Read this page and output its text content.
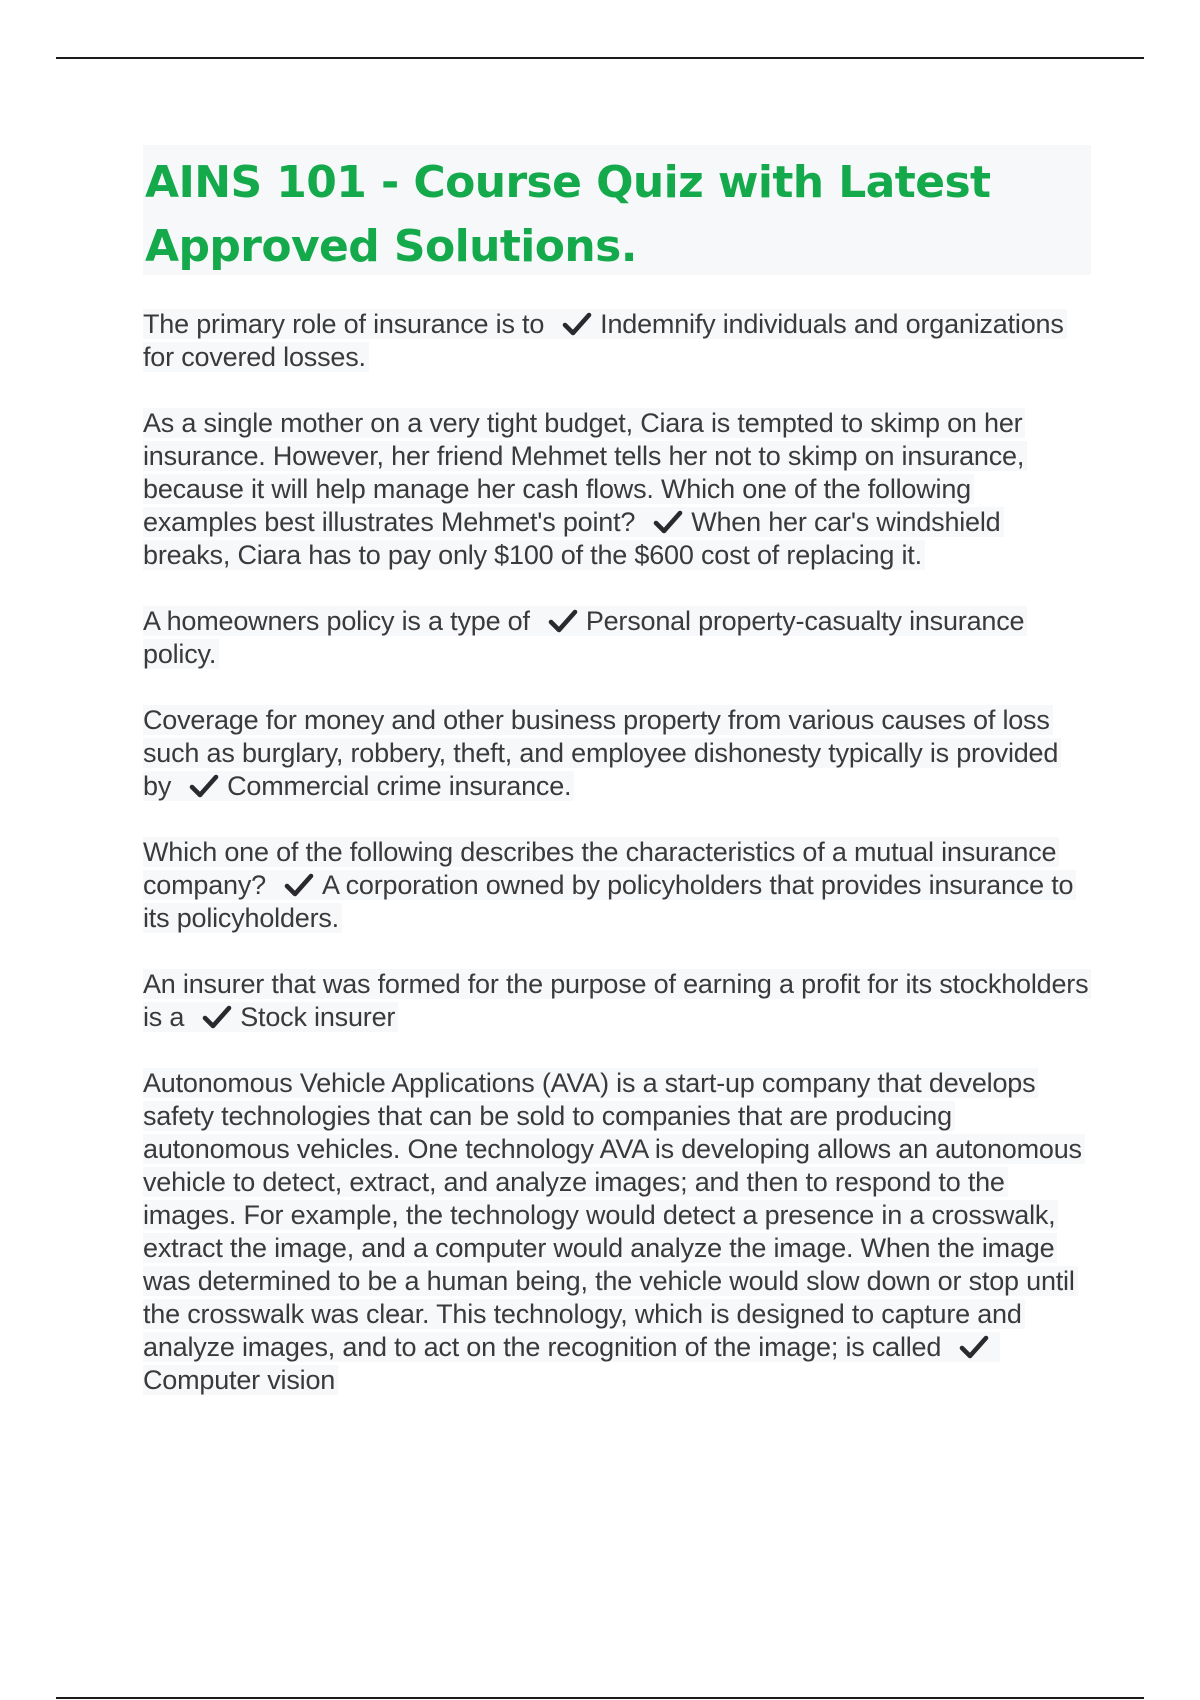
AINS 101 - Course Quiz with Latest Approved Solutions.

The primary role of insurance is to Indemnify individuals and organizations for covered losses.

As a single mother on a very tight budget, Ciara is tempted to skimp on her insurance. However, her friend Mehmet tells her not to skimp on insurance, because it will help manage her cash flows. Which one of the following examples best illustrates Mehmet's point? When her car's windshield breaks, Ciara has to pay only $100 of the $600 cost of replacing it.

A homeowners policy is a type of Personal property-casualty insurance policy.

Coverage for money and other business property from various causes of loss such as burglary, robbery, theft, and employee dishonesty typically is provided by Commercial crime insurance.

Which one of the following describes the characteristics of a mutual insurance company? A corporation owned by policyholders that provides insurance to its policyholders.

An insurer that was formed for the purpose of earning a profit for its stockholders is a Stock insurer

Autonomous Vehicle Applications (AVA) is a start-up company that develops safety technologies that can be sold to companies that are producing autonomous vehicles. One technology AVA is developing allows an autonomous vehicle to detect, extract, and analyze images; and then to respond to the images. For example, the technology would detect a presence in a crosswalk, extract the image, and a computer would analyze the image. When the image was determined to be a human being, the vehicle would slow down or stop until the crosswalk was clear. This technology, which is designed to capture and analyze images, and to act on the recognition of the image; is called
Computer vision
